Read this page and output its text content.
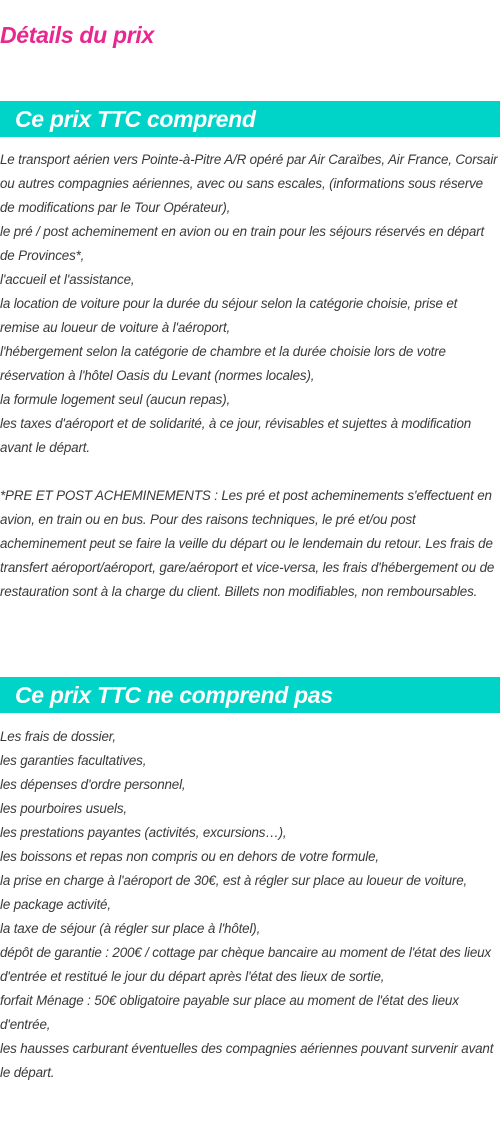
Détails du prix
Ce prix TTC comprend
Le transport aérien vers Pointe-à-Pitre A/R opéré par Air Caraïbes, Air France, Corsair ou autres compagnies aériennes, avec ou sans escales, (informations sous réserve de modifications par le Tour Opérateur),
le pré / post acheminement en avion ou en train pour les séjours réservés en départ de Provinces*,
l'accueil et l'assistance,
la location de voiture pour la durée du séjour selon la catégorie choisie, prise et remise au loueur de voiture à l'aéroport,
l'hébergement selon la catégorie de chambre et la durée choisie lors de votre réservation à l'hôtel Oasis du Levant (normes locales),
la formule logement seul (aucun repas),
les taxes d'aéroport et de solidarité, à ce jour, révisables et sujettes à modification avant le départ.

*PRE ET POST ACHEMINEMENTS : Les pré et post acheminements s'effectuent en avion, en train ou en bus. Pour des raisons techniques, le pré et/ou post acheminement peut se faire la veille du départ ou le lendemain du retour. Les frais de transfert aéroport/aéroport, gare/aéroport et vice-versa, les frais d'hébergement ou de restauration sont à la charge du client. Billets non modifiables, non remboursables.

Ce prix TTC ne comprend pas
Les frais de dossier,
les garanties facultatives,
les dépenses d'ordre personnel,
les pourboires usuels,
les prestations payantes (activités, excursions…),
les boissons et repas non compris ou en dehors de votre formule,
la prise en charge à l'aéroport de 30€, est à régler sur place au loueur de voiture,
le package activité,
la taxe de séjour (à régler sur place à l'hôtel),
dépôt de garantie : 200€ / cottage par chèque bancaire au moment de l'état des lieux d'entrée et restitué le jour du départ après l'état des lieux de sortie,
forfait Ménage : 50€ obligatoire payable sur place au moment de l'état des lieux d'entrée,
les hausses carburant éventuelles des compagnies aériennes pouvant survenir avant le départ.
